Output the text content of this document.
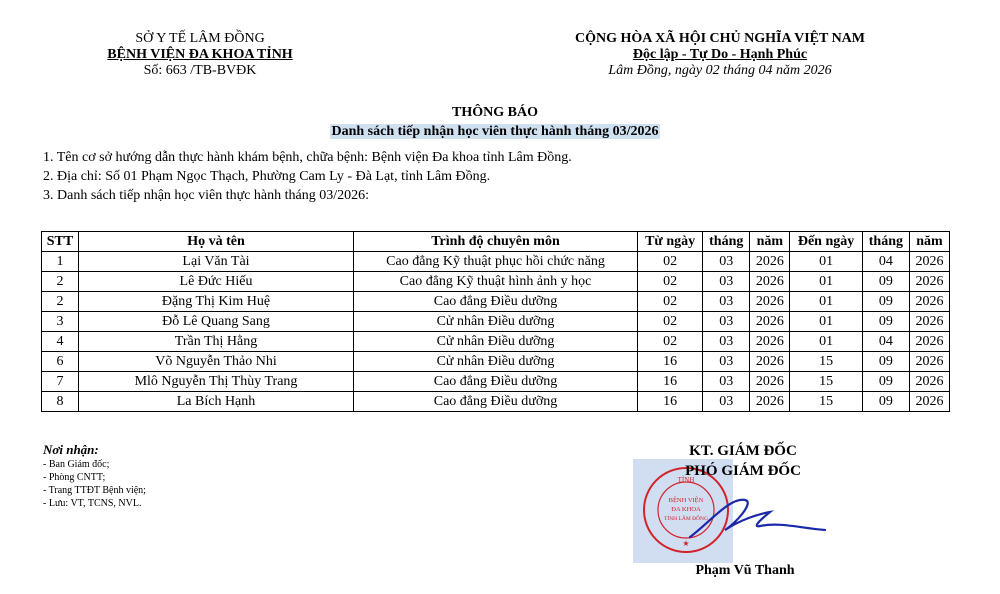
SỞ Y TẾ LÂM ĐỒNG
BỆNH VIỆN ĐA KHOA TỈNH
Số: 663 /TB-BVĐK
CỘNG HÒA XÃ HỘI CHỦ NGHĨA VIỆT NAM
Độc lập - Tự Do - Hạnh Phúc
Lâm Đồng, ngày 02 tháng 04 năm 2026
THÔNG BÁO
Danh sách tiếp nhận học viên thực hành tháng 03/2026
1. Tên cơ sở hướng dẫn thực hành khám bệnh, chữa bệnh: Bệnh viện Đa khoa tỉnh Lâm Đồng.
2. Địa chỉ: Số 01 Phạm Ngọc Thạch, Phường Cam Ly - Đà Lạt, tỉnh Lâm Đồng.
3. Danh sách tiếp nhận học viên thực hành tháng 03/2026:
STT	Họ và tên	Trình độ chuyên môn	Từ ngày	tháng	năm	Đến ngày	tháng	năm
1	Lại Văn Tài	Cao đẳng Kỹ thuật phục hồi chức năng	02	03	2026	01	04	2026
2	Lê Đức Hiếu	Cao đẳng Kỹ thuật hình ảnh y học	02	03	2026	01	09	2026
2	Đặng Thị Kim Huệ	Cao đẳng Điều dưỡng	02	03	2026	01	09	2026
3	Đỗ Lê Quang Sang	Cử nhân Điều dưỡng	02	03	2026	01	09	2026
4	Trần Thị Hằng	Cử nhân Điều dưỡng	02	03	2026	01	04	2026
6	Võ Nguyễn Thảo Nhi	Cử nhân Điều dưỡng	16	03	2026	15	09	2026
7	Mlô Nguyễn Thị Thùy Trang	Cao đẳng Điều dưỡng	16	03	2026	15	09	2026
8	La Bích Hạnh	Cao đẳng Điều dưỡng	16	03	2026	15	09	2026
Nơi nhận:
- Ban Giám đốc;
- Phòng CNTT;
- Trang TTĐT Bệnh viện;
- Lưu: VT, TCNS, NVL.
TỈNH
BỆNH VIỆN
ĐA KHOA
TỈNH LÂM ĐỒNG
★
KT. GIÁM ĐỐC
PHÓ GIÁM ĐỐC
Phạm Vũ Thanh
